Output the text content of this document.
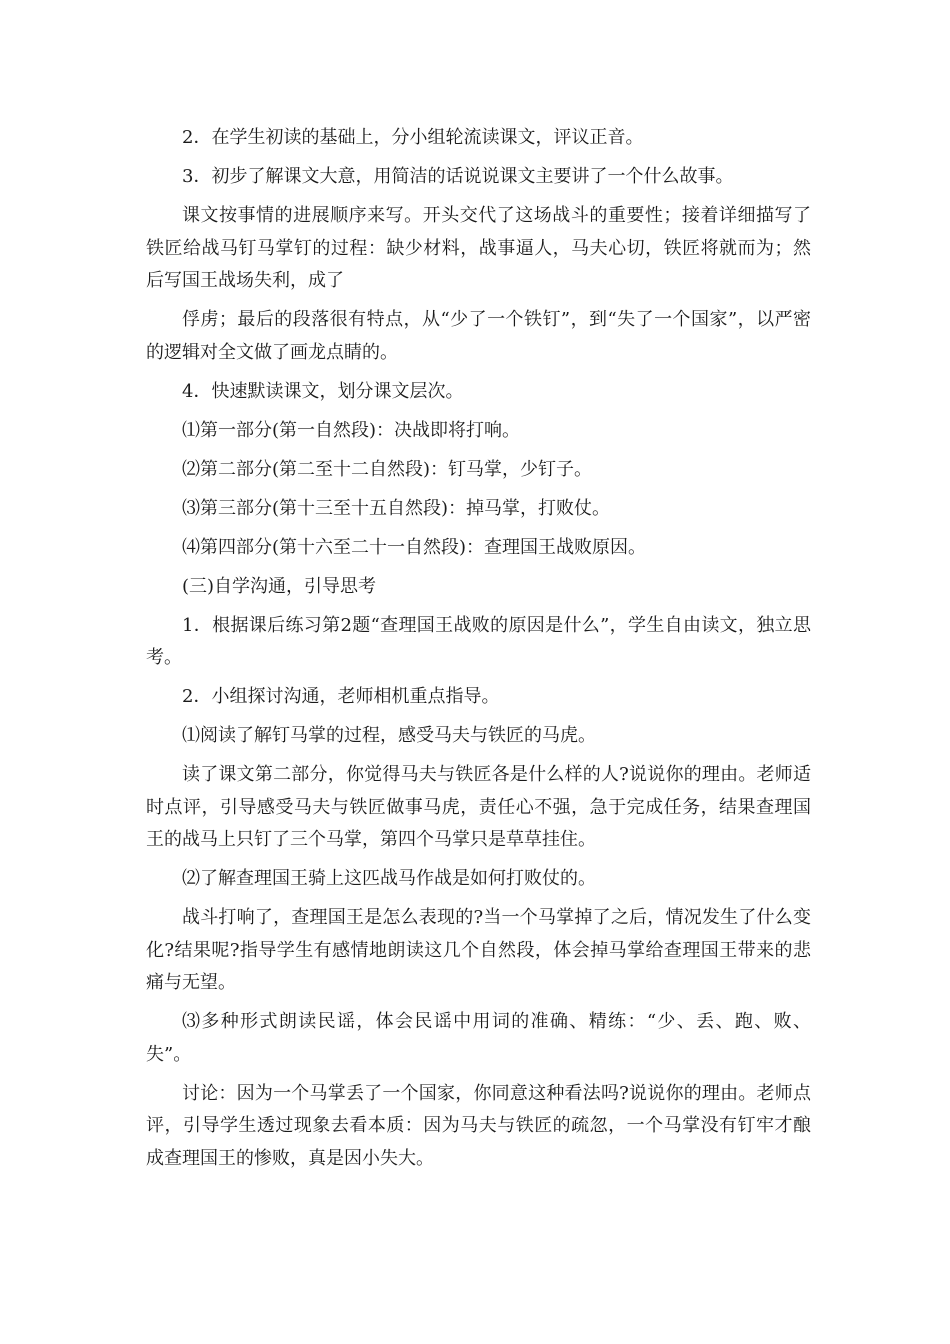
2．在学生初读的基础上，分小组轮流读课文，评议正音。

3．初步了解课文大意，用简洁的话说说课文主要讲了一个什么故事。

课文按事情的进展顺序来写。开头交代了这场战斗的重要性；接着详细描写了铁匠给战马钉马掌钉的过程：缺少材料，战事逼人，马夫心切，铁匠将就而为；然后写国王战场失利，成了

俘虏；最后的段落很有特点，从“少了一个铁钉”，到“失了一个国家”，以严密的逻辑对全文做了画龙点睛的。

4．快速默读课文，划分课文层次。

⑴第一部分(第一自然段)：决战即将打响。

⑵第二部分(第二至十二自然段)：钉马掌，少钉子。

⑶第三部分(第十三至十五自然段)：掉马掌，打败仗。

⑷第四部分(第十六至二十一自然段)：查理国王战败原因。

(三)自学沟通，引导思考

1．根据课后练习第2题“查理国王战败的原因是什么”，学生自由读文，独立思考。

2．小组探讨沟通，老师相机重点指导。

⑴阅读了解钉马掌的过程，感受马夫与铁匠的马虎。

读了课文第二部分，你觉得马夫与铁匠各是什么样的人?说说你的理由。老师适时点评，引导感受马夫与铁匠做事马虎，责任心不强，急于完成任务，结果查理国王的战马上只钉了三个马掌，第四个马掌只是草草挂住。

⑵了解查理国王骑上这匹战马作战是如何打败仗的。

战斗打响了，查理国王是怎么表现的?当一个马掌掉了之后，情况发生了什么变化?结果呢?指导学生有感情地朗读这几个自然段，体会掉马掌给查理国王带来的悲痛与无望。

⑶多种形式朗读民谣，体会民谣中用词的准确、精练：“少、丢、跑、败、失”。

讨论：因为一个马掌丢了一个国家，你同意这种看法吗?说说你的理由。老师点评，引导学生透过现象去看本质：因为马夫与铁匠的疏忽，一个马掌没有钉牢才酿成查理国王的惨败，真是因小失大。
